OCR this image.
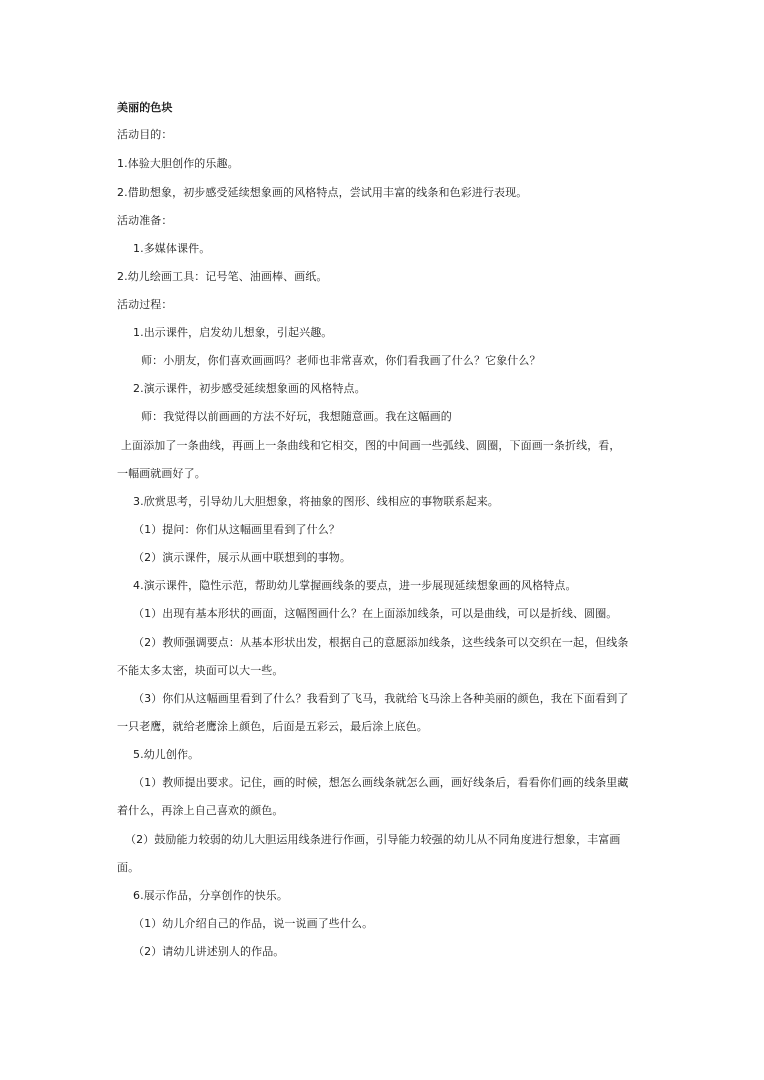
美丽的色块
活动目的：
1.体验大胆创作的乐趣。
2.借助想象，初步感受延续想象画的风格特点，尝试用丰富的线条和色彩进行表现。
活动准备：
1.多媒体课件。
2.幼儿绘画工具：记号笔、油画棒、画纸。
活动过程：
1.出示课件，启发幼儿想象，引起兴趣。
师：小朋友，你们喜欢画画吗？老师也非常喜欢，你们看我画了什么？它象什么？
2.演示课件，初步感受延续想象画的风格特点。
师：我觉得以前画画的方法不好玩，我想随意画。我在这幅画的
上面添加了一条曲线，再画上一条曲线和它相交，图的中间画一些弧线、圆圈，下面画一条折线，看，
一幅画就画好了。
3.欣赏思考，引导幼儿大胆想象，将抽象的图形、线相应的事物联系起来。
（1）提问：你们从这幅画里看到了什么？
（2）演示课件，展示从画中联想到的事物。
4.演示课件，隐性示范，帮助幼儿掌握画线条的要点，进一步展现延续想象画的风格特点。
（1）出现有基本形状的画面，这幅图画什么？在上面添加线条，可以是曲线，可以是折线、圆圈。
（2）教师强调要点：从基本形状出发，根据自己的意愿添加线条，这些线条可以交织在一起，但线条
不能太多太密，块面可以大一些。
（3）你们从这幅画里看到了什么？我看到了飞马，我就给飞马涂上各种美丽的颜色，我在下面看到了
一只老鹰，就给老鹰涂上颜色，后面是五彩云，最后涂上底色。
5.幼儿创作。
（1）教师提出要求。记住，画的时候，想怎么画线条就怎么画，画好线条后，看看你们画的线条里藏
着什么，再涂上自己喜欢的颜色。
（2）鼓励能力较弱的幼儿大胆运用线条进行作画，引导能力较强的幼儿从不同角度进行想象，丰富画
面。
6.展示作品，分享创作的快乐。
（1）幼儿介绍自己的作品，说一说画了些什么。
（2）请幼儿讲述别人的作品。
